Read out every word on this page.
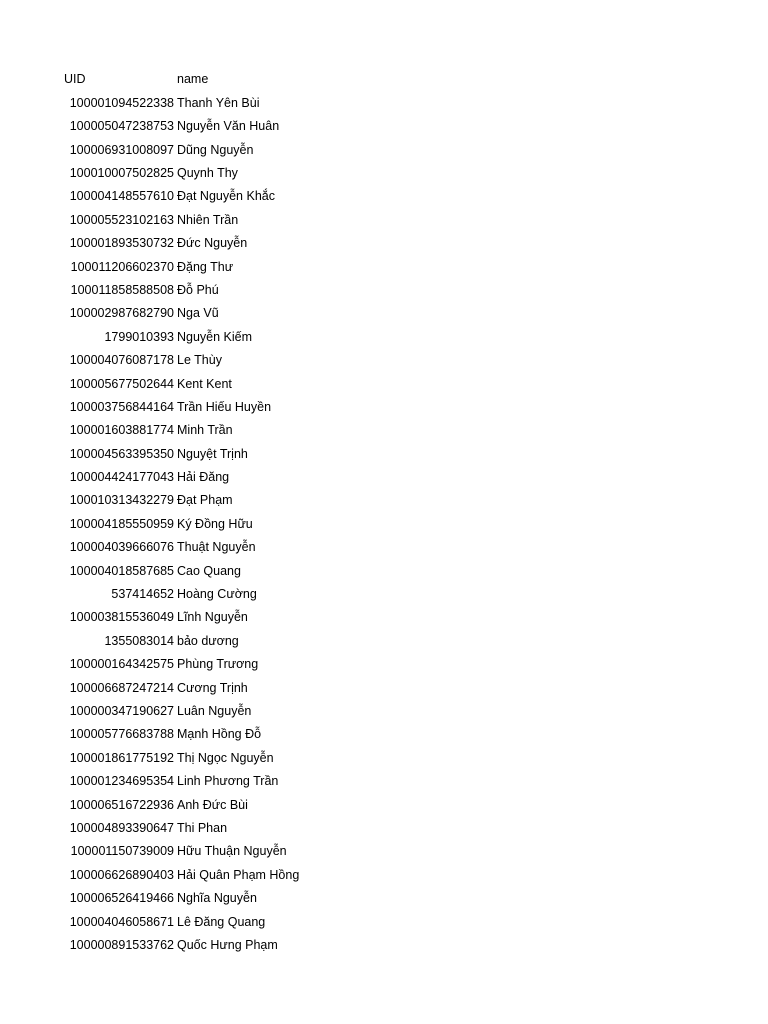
UID	name
100001094522338 Thanh Yên Bùi
100005047238753 Nguyễn Văn Huân
100006931008097 Dũng Nguyễn
100010007502825 Quynh Thy
100004148557610 Đạt Nguyễn Khắc
100005523102163 Nhiên Trần
100001893530732 Đức Nguyễn
100011206602370 Đặng Thư
100011858588508 Đỗ Phú
100002987682790 Nga Vũ
1799010393 Nguyễn Kiếm
100004076087178 Le Thùy
100005677502644 Kent Kent
100003756844164 Trần Hiếu Huyền
100001603881774 Minh Trần
100004563395350 Nguyệt Trịnh
100004424177043 Hải Đăng
100010313432279 Đạt Phạm
100004185550959 Ký Đồng Hữu
100004039666076 Thuật Nguyễn
100004018587685 Cao Quang
537414652 Hoàng Cường
100003815536049 Lĩnh Nguyễn
1355083014 bảo dương
100000164342575 Phùng Trương
100006687247214 Cương Trịnh
100000347190627 Luân Nguyễn
100005776683788 Mạnh Hồng Đỗ
100001861775192 Thị Ngọc Nguyễn
100001234695354 Linh Phương Trần
100006516722936 Anh Đức Bùi
100004893390647 Thi Phan
100001150739009 Hữu Thuận Nguyễn
100006626890403 Hải Quân Phạm Hồng
100006526419466 Nghĩa Nguyễn
100004046058671 Lê Đăng Quang
100000891533762 Quốc Hưng Phạm
